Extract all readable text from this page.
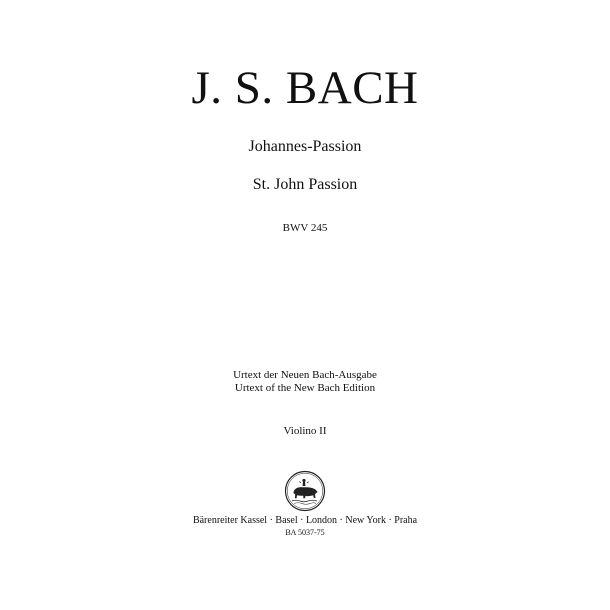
J. S. BACH
Johannes-Passion
St. John Passion
BWV 245
Urtext der Neuen Bach-Ausgabe
Urtext of the New Bach Edition
Violino II
Bärenreiter Kassel · Basel · London · New York · Praha
BA 5037-75
